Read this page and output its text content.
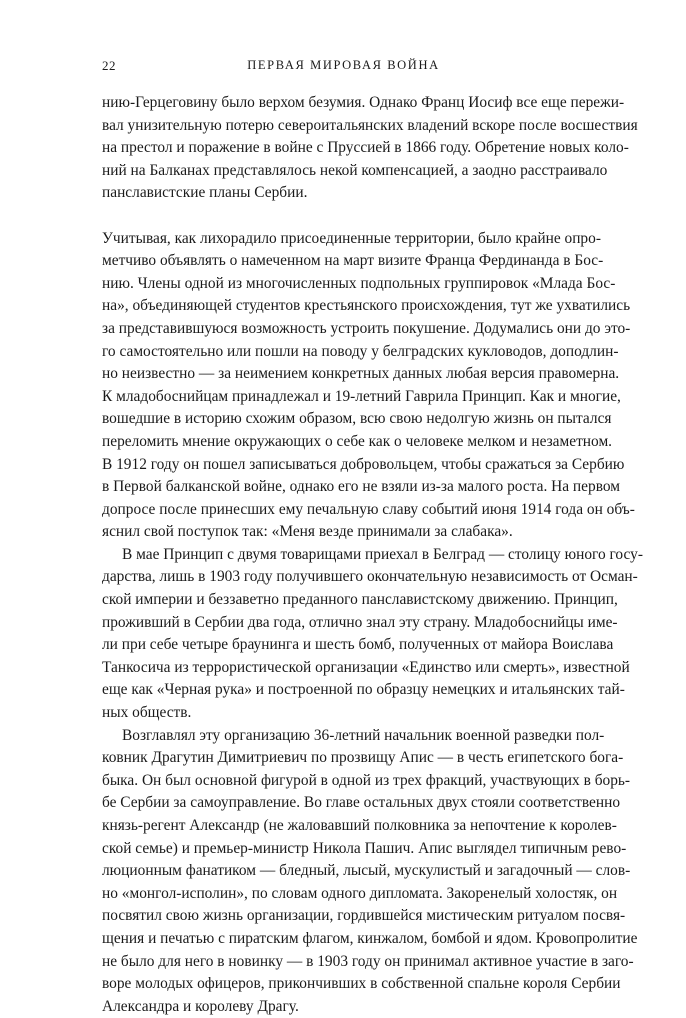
22	ПЕРВАЯ МИРОВАЯ ВОЙНА
нию-Герцеговину было верхом безумия. Однако Франц Иосиф все еще пережи-
вал унизительную потерю североитальянских владений вскоре после восшествия
на престол и поражение в войне с Пруссией в 1866 году. Обретение новых коло-
ний на Балканах представлялось некой компенсацией, а заодно расстраивало
панславистские планы Сербии.
Учитывая, как лихорадило присоединенные территории, было крайне опро-
метчиво объявлять о намеченном на март визите Франца Фердинанда в Бос-
нию. Члены одной из многочисленных подпольных группировок «Млада Бос-
на», объединяющей студентов крестьянского происхождения, тут же ухватились
за представившуюся возможность устроить покушение. Додумались они до это-
го самостоятельно или пошли на поводу у белградских кукловодов, доподлин-
но неизвестно — за неимением конкретных данных любая версия правомерна.
К младобоснийцам принадлежал и 19-летний Гаврила Принцип. Как и многие,
вошедшие в историю схожим образом, всю свою недолгую жизнь он пытался
переломить мнение окружающих о себе как о человеке мелком и незаметном.
В 1912 году он пошел записываться добровольцем, чтобы сражаться за Сербию
в Первой балканской войне, однако его не взяли из-за малого роста. На первом
допросе после принесших ему печальную славу событий июня 1914 года он объ-
яснил свой поступок так: «Меня везде принимали за слабака».
В мае Принцип с двумя товарищами приехал в Белград — столицу юного госу-
дарства, лишь в 1903 году получившего окончательную независимость от Осман-
ской империи и беззаветно преданного панславистскому движению. Принцип,
проживший в Сербии два года, отлично знал эту страну. Младобоснийцы име-
ли при себе четыре браунинга и шесть бомб, полученных от майора Воислава
Танкосича из террористической организации «Единство или смерть», известной
еще как «Черная рука» и построенной по образцу немецких и итальянских тай-
ных обществ.
Возглавлял эту организацию 36-летний начальник военной разведки пол-
ковник Драгутин Димитриевич по прозвищу Апис — в честь египетского бога-
быка. Он был основной фигурой в одной из трех фракций, участвующих в борь-
бе Сербии за самоуправление. Во главе остальных двух стояли соответственно
князь-регент Александр (не жаловавший полковника за непочтение к королев-
ской семье) и премьер-министр Никола Пашич. Апис выглядел типичным рево-
люционным фанатиком — бледный, лысый, мускулистый и загадочный — слов-
но «монгол-исполин», по словам одного дипломата. Закоренелый холостяк, он
посвятил свою жизнь организации, гордившейся мистическим ритуалом посвя-
щения и печатью с пиратским флагом, кинжалом, бомбой и ядом. Кровопролитие
не было для него в новинку — в 1903 году он принимал активное участие в заго-
воре молодых офицеров, прикончивших в собственной спальне короля Сербии
Александра и королеву Драгу.
